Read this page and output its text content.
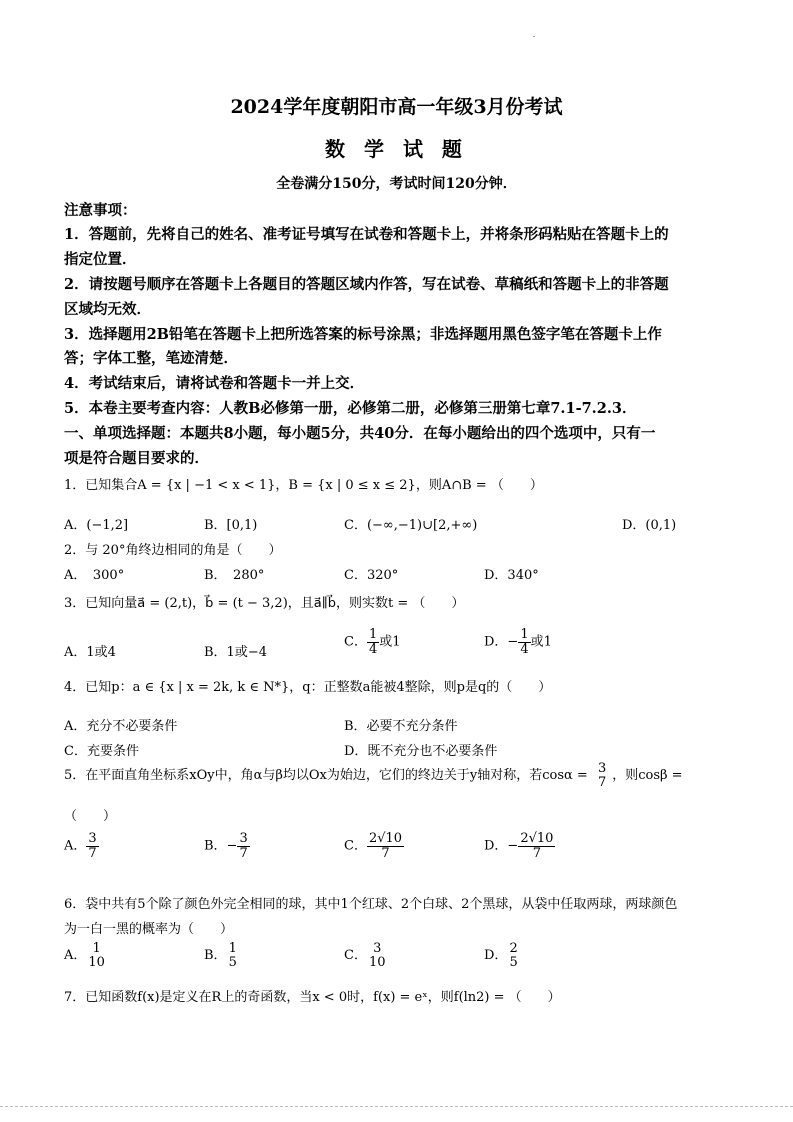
2024学年度朝阳市高一年级3月份考试
数 学 试 题
全卷满分150分，考试时间120分钟．
注意事项：
1．答题前，先将自己的姓名、准考证号填写在试卷和答题卡上，并将条形码粘贴在答题卡上的
指定位置．
2．请按题号顺序在答题卡上各题目的答题区域内作答，写在试卷、草稿纸和答题卡上的非答题
区域均无效．
3．选择题用2B铅笔在答题卡上把所选答案的标号涂黑；非选择题用黑色签字笔在答题卡上作
答；字体工整，笔迹清楚．
4．考试结束后，请将试卷和答题卡一并上交．
5．本卷主要考查内容：人教B必修第一册，必修第二册，必修第三册第七章7.1-7.2.3．
一、单项选择题：本题共8小题，每小题5分，共40分．在每小题给出的四个选项中，只有一
项是符合题目要求的．
1．已知集合A = {x | −1 < x < 1}，B = {x | 0 ≤ x ≤ 2}，则A∩B = （　　）
A．(−1,2]	B．[0,1)	C．(−∞,−1)∪[2,+∞)	D．(0,1)
2．与 20°角终边相同的角是（　　）
A．　300°	B．　280°	C．320°	D．340°
3．已知向量a⃗ = (2,t)，b⃗ = (t − 3,2)，且a⃗∥b⃗，则实数t = （　　）
A．1或4	B．1或−4
C． $\frac{1}{4}$ 或1	D．− $\frac{1}{4}$ 或1
4．已知p：a ∈ {x | x = 2k, k ∈ N*}，q：正整数a能被4整除，则p是q的（　　）
A．充分不必要条件	B．必要不充分条件
C．充要条件	D．既不充分也不必要条件
5．在平面直角坐标系xOy中，角α与β均以Ox为始边，它们的终边关于y轴对称，若cosα = 3
7 ，则cosβ =
（　　）
A． $\frac{3}{7}$	B．− $\frac{3}{7}$	C． $\frac{2√10}{7}$	D．− $\frac{2√10}{7}$
6．袋中共有5个除了颜色外完全相同的球，其中1个红球、2个白球、2个黑球，从袋中任取两球，两球颜色
为一白一黑的概率为（　　）
A． 1
10	B． 1
5	C． 3
10	D． 2
5
7．已知函数f(x)是定义在R上的奇函数，当x < 0时，f(x) = eˣ，则f(ln2) = （　　）
